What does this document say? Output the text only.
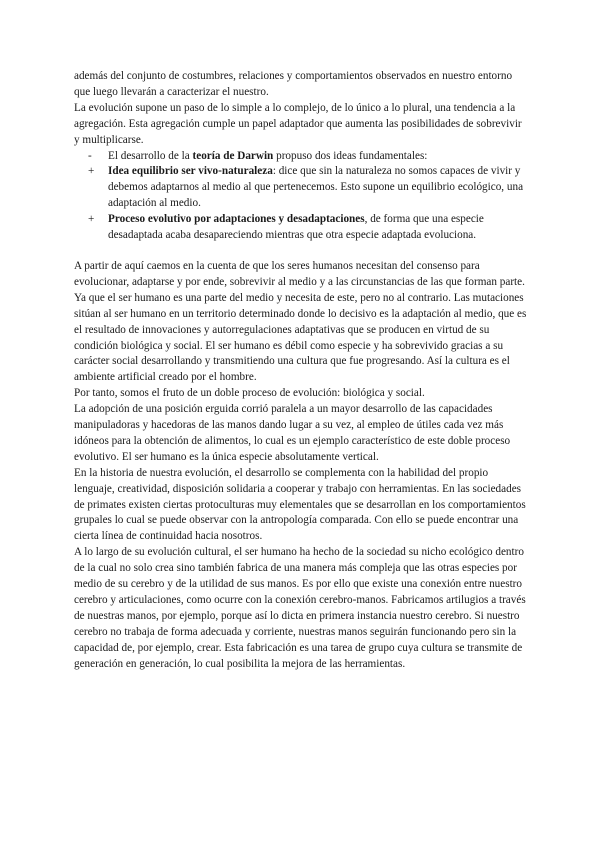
además del conjunto de costumbres, relaciones y comportamientos observados en nuestro entorno que luego llevarán a caracterizar el nuestro.

La evolución supone un paso de lo simple a lo complejo, de lo único a lo plural, una tendencia a la agregación. Esta agregación cumple un papel adaptador que aumenta las posibilidades de sobrevivir y multiplicarse.

-	El desarrollo de la teoría de Darwin propuso dos ideas fundamentales:
+	Idea equilibrio ser vivo-naturaleza: dice que sin la naturaleza no somos capaces de vivir y debemos adaptarnos al medio al que pertenecemos. Esto supone un equilibrio ecológico, una adaptación al medio.
+	Proceso evolutivo por adaptaciones y desadaptaciones, de forma que una especie desadaptada acaba desapareciendo mientras que otra especie adaptada evoluciona.

A partir de aquí caemos en la cuenta de que los seres humanos necesitan del consenso para evolucionar, adaptarse y por ende, sobrevivir al medio y a las circunstancias de las que forman parte. Ya que el ser humano es una parte del medio y necesita de este, pero no al contrario. Las mutaciones sitúan al ser humano en un territorio determinado donde lo decisivo es la adaptación al medio, que es el resultado de innovaciones y autorregulaciones adaptativas que se producen en virtud de su condición biológica y social. El ser humano es débil como especie y ha sobrevivido gracias a su carácter social desarrollando y transmitiendo una cultura que fue progresando. Así la cultura es el ambiente artificial creado por el hombre.

Por tanto, somos el fruto de un doble proceso de evolución: biológica y social.

La adopción de una posición erguida corrió paralela a un mayor desarrollo de las capacidades manipuladoras y hacedoras de las manos dando lugar a su vez, al empleo de útiles cada vez más idóneos para la obtención de alimentos, lo cual es un ejemplo característico de este doble proceso evolutivo. El ser humano es la única especie absolutamente vertical.

En la historia de nuestra evolución, el desarrollo se complementa con la habilidad del propio lenguaje, creatividad, disposición solidaria a cooperar y trabajo con herramientas. En las sociedades de primates existen ciertas protoculturas muy elementales que se desarrollan en los comportamientos grupales lo cual se puede observar con la antropología comparada. Con ello se puede encontrar una cierta línea de continuidad hacia nosotros.

A lo largo de su evolución cultural, el ser humano ha hecho de la sociedad su nicho ecológico dentro de la cual no solo crea sino también fabrica de una manera más compleja que las otras especies por medio de su cerebro y de la utilidad de sus manos. Es por ello que existe una conexión entre nuestro cerebro y articulaciones, como ocurre con la conexión cerebro-manos. Fabricamos artilugios a través de nuestras manos, por ejemplo, porque así lo dicta en primera instancia nuestro cerebro. Si nuestro cerebro no trabaja de forma adecuada y corriente, nuestras manos seguirán funcionando pero sin la capacidad de, por ejemplo, crear. Esta fabricación es una tarea de grupo cuya cultura se transmite de generación en generación, lo cual posibilita la mejora de las herramientas.
